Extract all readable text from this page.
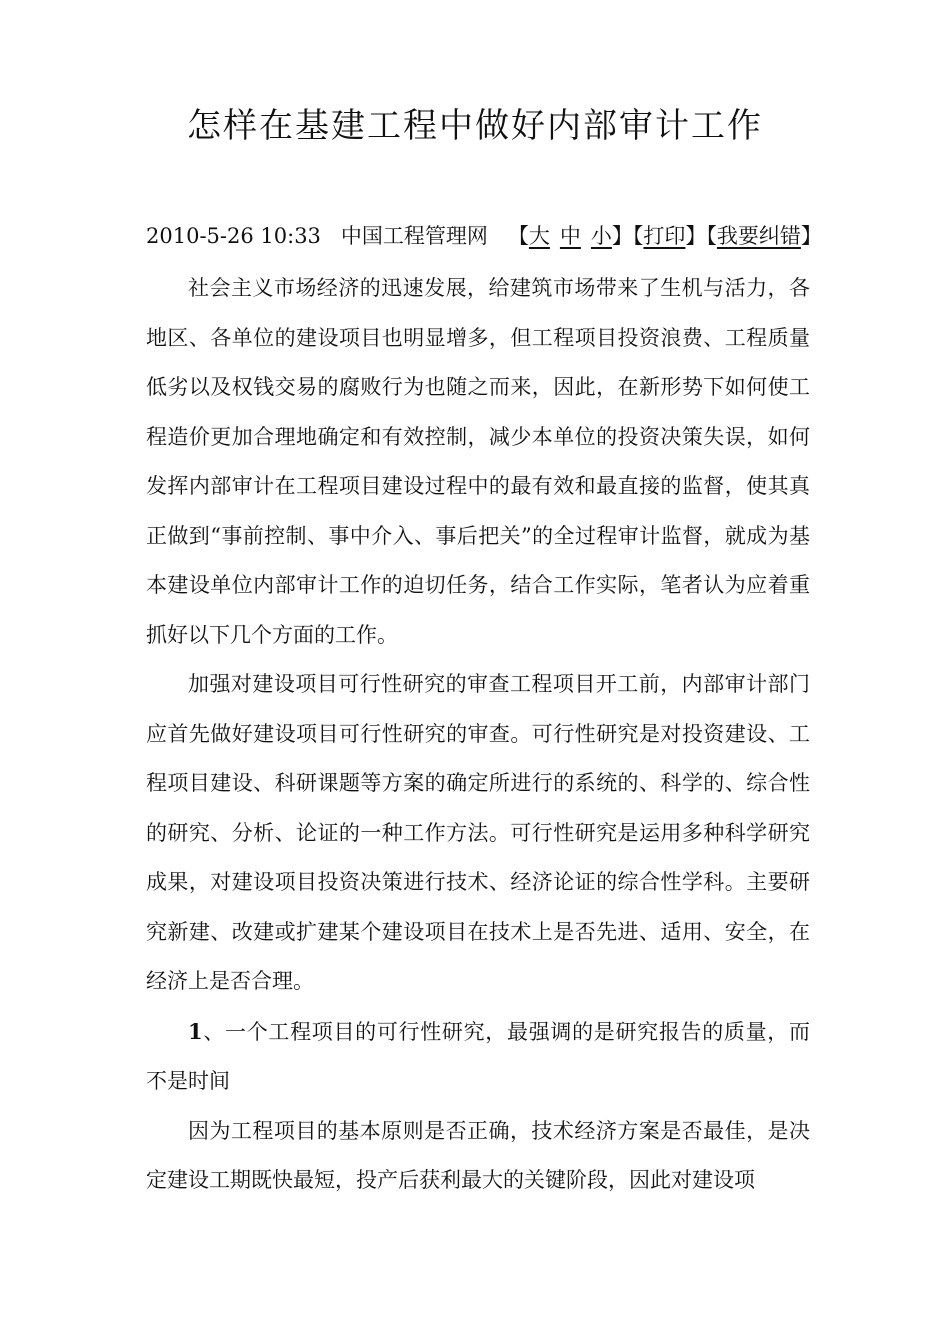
怎样在基建工程中做好内部审计工作
2010-5-26 10:33 中国工程管理网 【大 中 小】【打印】【我要纠错】

社会主义市场经济的迅速发展，给建筑市场带来了生机与活力，各地区、各单位的建设项目也明显增多，但工程项目投资浪费、工程质量低劣以及权钱交易的腐败行为也随之而来，因此，在新形势下如何使工程造价更加合理地确定和有效控制，减少本单位的投资决策失误，如何发挥内部审计在工程项目建设过程中的最有效和最直接的监督，使其真正做到“事前控制、事中介入、事后把关”的全过程审计监督，就成为基本建设单位内部审计工作的迫切任务，结合工作实际，笔者认为应着重抓好以下几个方面的工作。

加强对建设项目可行性研究的审查工程项目开工前，内部审计部门应首先做好建设项目可行性研究的审查。可行性研究是对投资建设、工程项目建设、科研课题等方案的确定所进行的系统的、科学的、综合性的研究、分析、论证的一种工作方法。可行性研究是运用多种科学研究成果，对建设项目投资决策进行技术、经济论证的综合性学科。主要研究新建、改建或扩建某个建设项目在技术上是否先进、适用、安全，在经济上是否合理。

1、一个工程项目的可行性研究，最强调的是研究报告的质量，而不是时间

因为工程项目的基本原则是否正确，技术经济方案是否最佳，是决定建设工期既快最短，投产后获利最大的关键阶段，因此对建设项
